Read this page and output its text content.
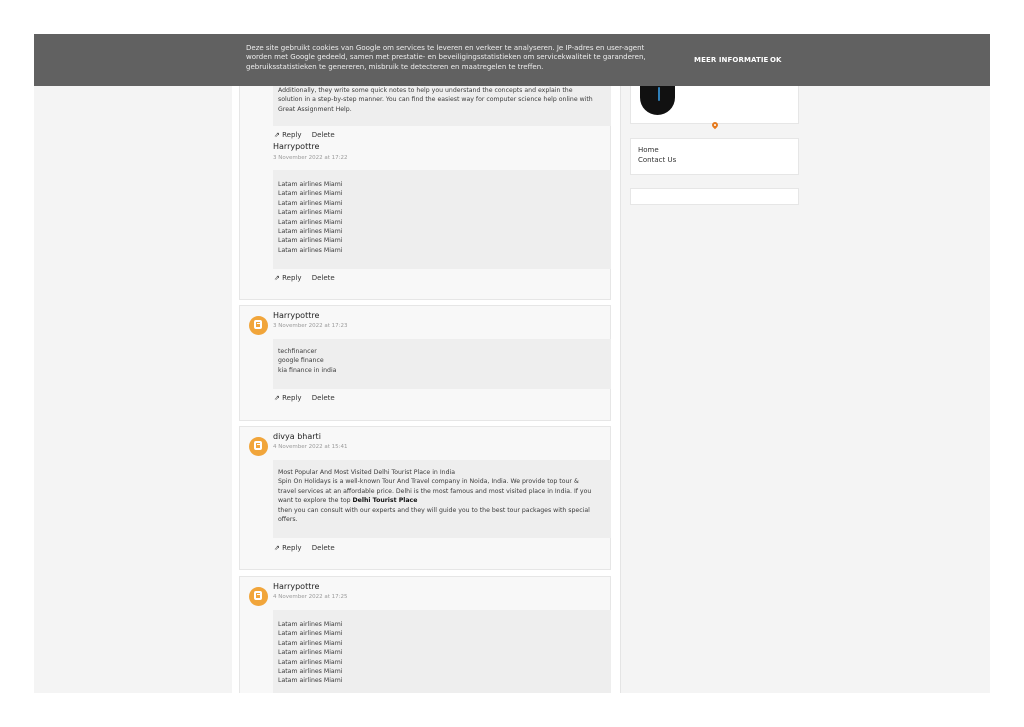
Deze site gebruikt cookies van Google om services te leveren en verkeer te analyseren. Je IP-adres en user-agent
worden met Google gedeeld, samen met prestatie- en beveiligingsstatistieken om servicekwaliteit te garanderen,
gebruiksstatistieken te genereren, misbruik te detecteren en maatregelen te treffen.
MEER INFORMATIE OK
Additionally, they write some quick notes to help you understand the concepts and explain the
solution in a step-by-step manner. You can find the easiest way for computer science help online with
Great Assignment Help.
⇗ Reply Delete
Harrypottre
3 November 2022 at 17:22
Latam airlines Miami
Latam airlines Miami
Latam airlines Miami
Latam airlines Miami
Latam airlines Miami
Latam airlines Miami
Latam airlines Miami
Latam airlines Miami
⇗ Reply Delete
Harrypottre
3 November 2022 at 17:23
techfinancer
google finance
kia finance in india
⇗ Reply Delete
divya bharti
4 November 2022 at 15:41
Most Popular And Most Visited Delhi Tourist Place in India
Spin On Holidays is a well-known Tour And Travel company in Noida, India. We provide top tour &
travel services at an affordable price. Delhi is the most famous and most visited place in India. If you
want to explore the top Delhi Tourist Place
then you can consult with our experts and they will guide you to the best tour packages with special
offers.
⇗ Reply Delete
Harrypottre
4 November 2022 at 17:25
Latam airlines Miami
Latam airlines Miami
Latam airlines Miami
Latam airlines Miami
Latam airlines Miami
Latam airlines Miami
Latam airlines Miami
Home
Contact Us
